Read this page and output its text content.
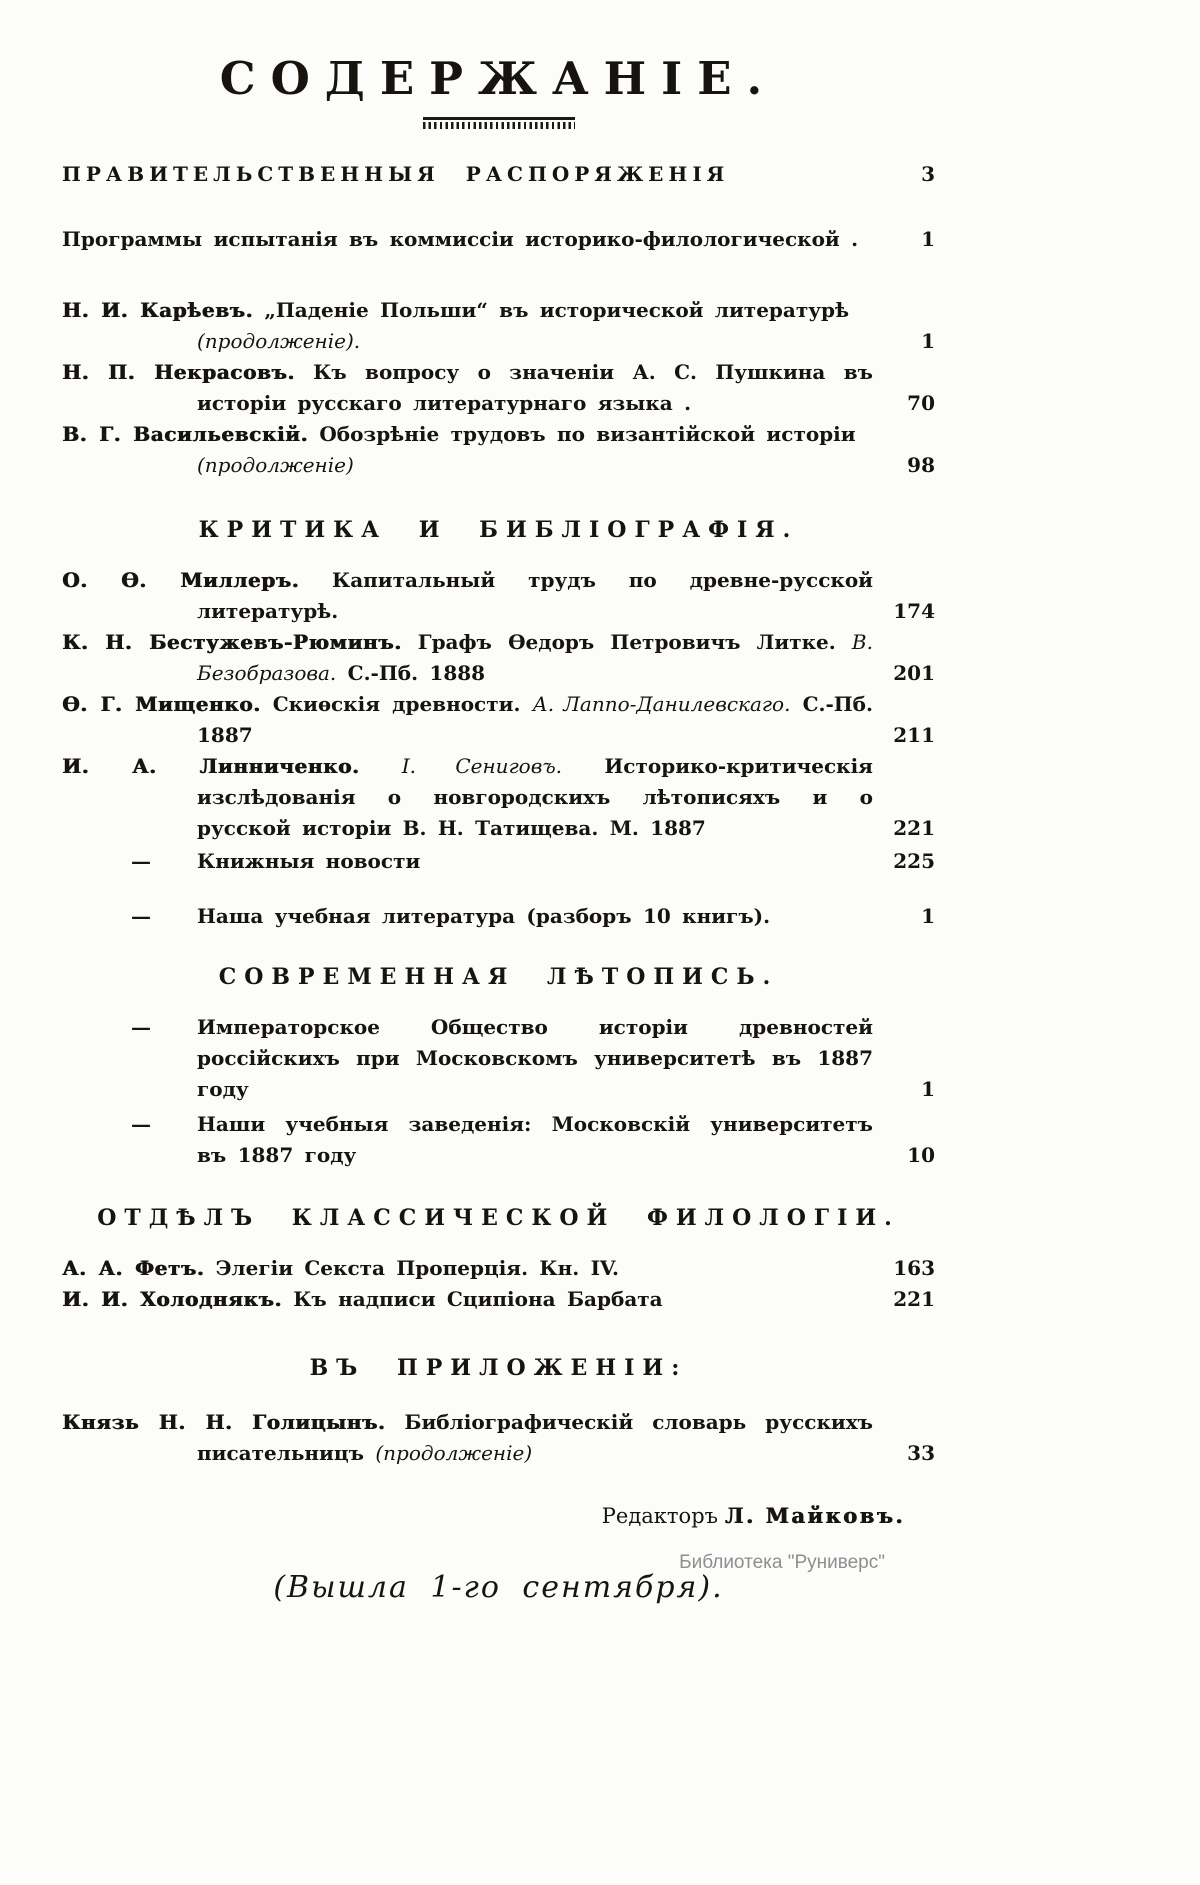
СОДЕРЖАНІЕ.

ПРАВИТЕЛЬСТВЕННЫЯ РАСПОРЯЖЕНІЯ	3

Программы испытанія въ коммиссіи историко-филологической .	1

Н. И. Карѣевъ. „Паденіе Польши“ въ исторической литературѣ
(продолженіе).	1

Н. П. Некрасовъ. Къ вопросу о значеніи А. С. Пушкина въ исторіи русскаго литературнаго языка .	70

В. Г. Васильевскій. Обозрѣніе трудовъ по византійской исторіи
(продолженіе)	98

КРИТИКА И БИБЛІОГРАФІЯ.

О. Ѳ. Миллеръ. Капитальный трудъ по древне-русской литературѣ.	174

К. Н. Бестужевъ-Рюминъ. Графъ Ѳедоръ Петровичъ Литке. В. Безобразова. С.-Пб. 1888	201

Ѳ. Г. Мищенко. Скиѳскія древности. А. Лаппо-Данилевскаго. С.-Пб. 1887	211

И. А. Линниченко. І. Сениговъ. Историко-критическія изслѣдованія о новгородскихъ лѣтописяхъ и о русской исторіи В. Н. Татищева. М. 1887	221

— Книжныя новости	225

— Наша учебная литература (разборъ 10 книгъ).	1

СОВРЕМЕННАЯ ЛѢТОПИСЬ.

— Императорское Общество исторіи древностей россійскихъ при Московскомъ университетѣ въ 1887 году	1

— Наши учебныя заведенія: Московскій университетъ въ 1887 году	10

ОТДѢЛЪ КЛАССИЧЕСКОЙ ФИЛОЛОГІИ.

А. А. Фетъ. Элегіи Секста Проперція. Кн. IV.	163

И. И. Холоднякъ. Къ надписи Сципіона Барбата	221

ВЪ ПРИЛОЖЕНІИ:

Князь Н. Н. Голицынъ. Библіографическій словарь русскихъ писательницъ (продолженіе)	33

Редакторъ Л. Майковъ.

(Вышла 1-го сентября).

Библиотека "Руниверс"
